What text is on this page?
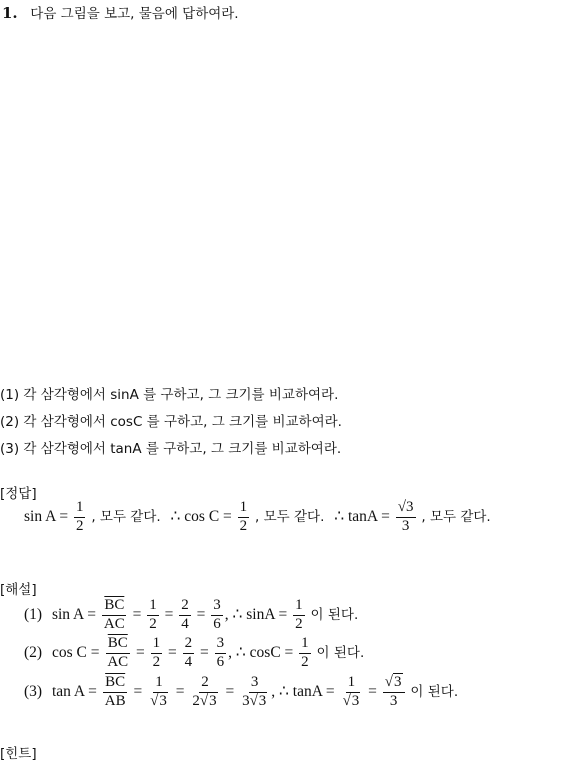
1. 다음 그림을 보고, 물음에 답하여라.
(1) 각 삼각형에서 sinA 를 구하고, 그 크기를 비교하여라.
(2) 각 삼각형에서 cosC 를 구하고, 그 크기를 비교하여라.
(3) 각 삼각형에서 tanA 를 구하고, 그 크기를 비교하여라.
[정답]
$\sin A = \frac{1}{2}$ , 모두 같다. ∴ $\cos C = \frac{1}{2}$ , 모두 같다. ∴ $\tan A = \frac{√3}{3}$ , 모두 같다.
[해설]
(1) $\sin A = \frac{\overline{BC}}{AC} = \frac{1}{2} = \frac{2}{4} = \frac{3}{6}$ , ∴ $\sin A = \frac{1}{2}$ 이 된다.
(2) $\cos C = \frac{\overline{BC}}{AC} = \frac{1}{2} = \frac{2}{4} = \frac{3}{6}$ , ∴ $\cos C = \frac{1}{2}$ 이 된다.
(3) $\tan A = \frac{\overline{BC}}{AB} = \frac{1}{√3} = \frac{2}{2√3} = \frac{3}{3√3}$ , ∴ $\tan A = \frac{1}{√3} = \frac{√3}{3}$ 이 된다.
[힌트]
